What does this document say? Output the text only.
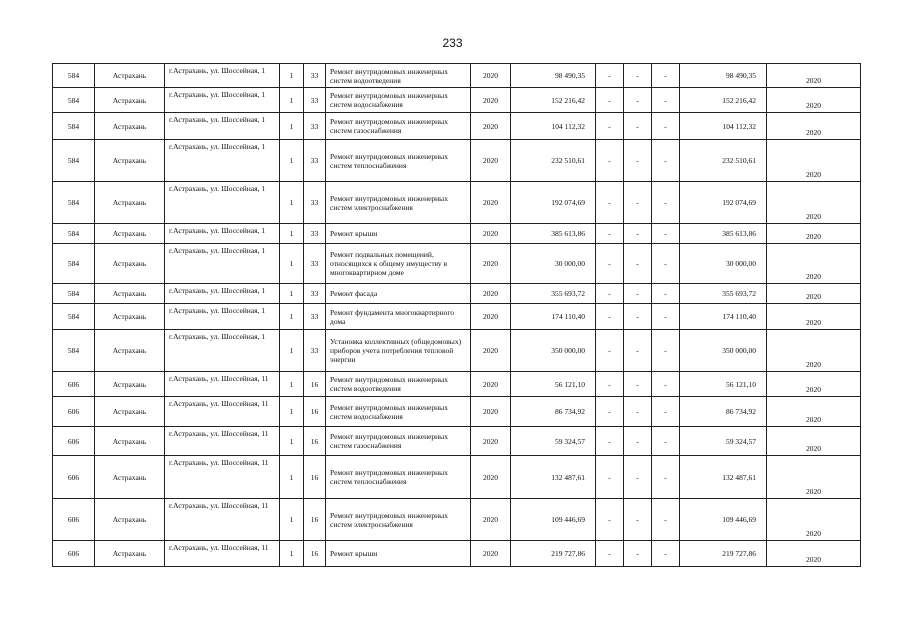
233
584	Астрахань	г.Астрахань, ул. Шоссейная, 1	1	33	Ремонт внутридомовых инженерных систем водоотведения	2020	98 490,35	-	-	-	98 490,35	2020
584	Астрахань	г.Астрахань, ул. Шоссейная, 1	1	33	Ремонт внутридомовых инженерных систем водоснабжения	2020	152 216,42	-	-	-	152 216,42	2020
584	Астрахань	г.Астрахань, ул. Шоссейная, 1	1	33	Ремонт внутридомовых инженерных систем газоснабжения	2020	104 112,32	-	-	-	104 112,32	2020
584	Астрахань	г.Астрахань, ул. Шоссейная, 1	1	33	Ремонт внутридомовых инженерных систем теплоснабжения	2020	232 510,61	-	-	-	232 510,61	2020
584	Астрахань	г.Астрахань, ул. Шоссейная, 1	1	33	Ремонт внутридомовых инженерных систем электроснабжения	2020	192 074,69	-	-	-	192 074,69	2020
584	Астрахань	г.Астрахань, ул. Шоссейная, 1	1	33	Ремонт крыши	2020	385 613,86	-	-	-	385 613,86	2020
584	Астрахань	г.Астрахань, ул. Шоссейная, 1	1	33	Ремонт подвальных помещений, относящихся к общему имуществу в многоквартирном доме	2020	30 000,00	-	-	-	30 000,00	2020
584	Астрахань	г.Астрахань, ул. Шоссейная, 1	1	33	Ремонт фасада	2020	355 693,72	-	-	-	355 693,72	2020
584	Астрахань	г.Астрахань, ул. Шоссейная, 1	1	33	Ремонт фундамента многоквартирного дома	2020	174 110,40	-	-	-	174 110,40	2020
584	Астрахань	г.Астрахань, ул. Шоссейная, 1	1	33	Установка коллективных (общедомовых) приборов учета потребления тепловой энергии	2020	350 000,00	-	-	-	350 000,00	2020
606	Астрахань	г.Астрахань, ул. Шоссейная, 11	1	16	Ремонт внутридомовых инженерных систем водоотведения	2020	56 121,10	-	-	-	56 121,10	2020
606	Астрахань	г.Астрахань, ул. Шоссейная, 11	1	16	Ремонт внутридомовых инженерных систем водоснабжения	2020	86 734,92	-	-	-	86 734,92	2020
606	Астрахань	г.Астрахань, ул. Шоссейная, 11	1	16	Ремонт внутридомовых инженерных систем газоснабжения	2020	59 324,57	-	-	-	59 324,57	2020
606	Астрахань	г.Астрахань, ул. Шоссейная, 11	1	16	Ремонт внутридомовых инженерных систем теплоснабжения	2020	132 487,61	-	-	-	132 487,61	2020
606	Астрахань	г.Астрахань, ул. Шоссейная, 11	1	16	Ремонт внутридомовых инженерных систем электроснабжения	2020	109 446,69	-	-	-	109 446,69	2020
606	Астрахань	г.Астрахань, ул. Шоссейная, 11	1	16	Ремонт крыши	2020	219 727,86	-	-	-	219 727,86	2020
